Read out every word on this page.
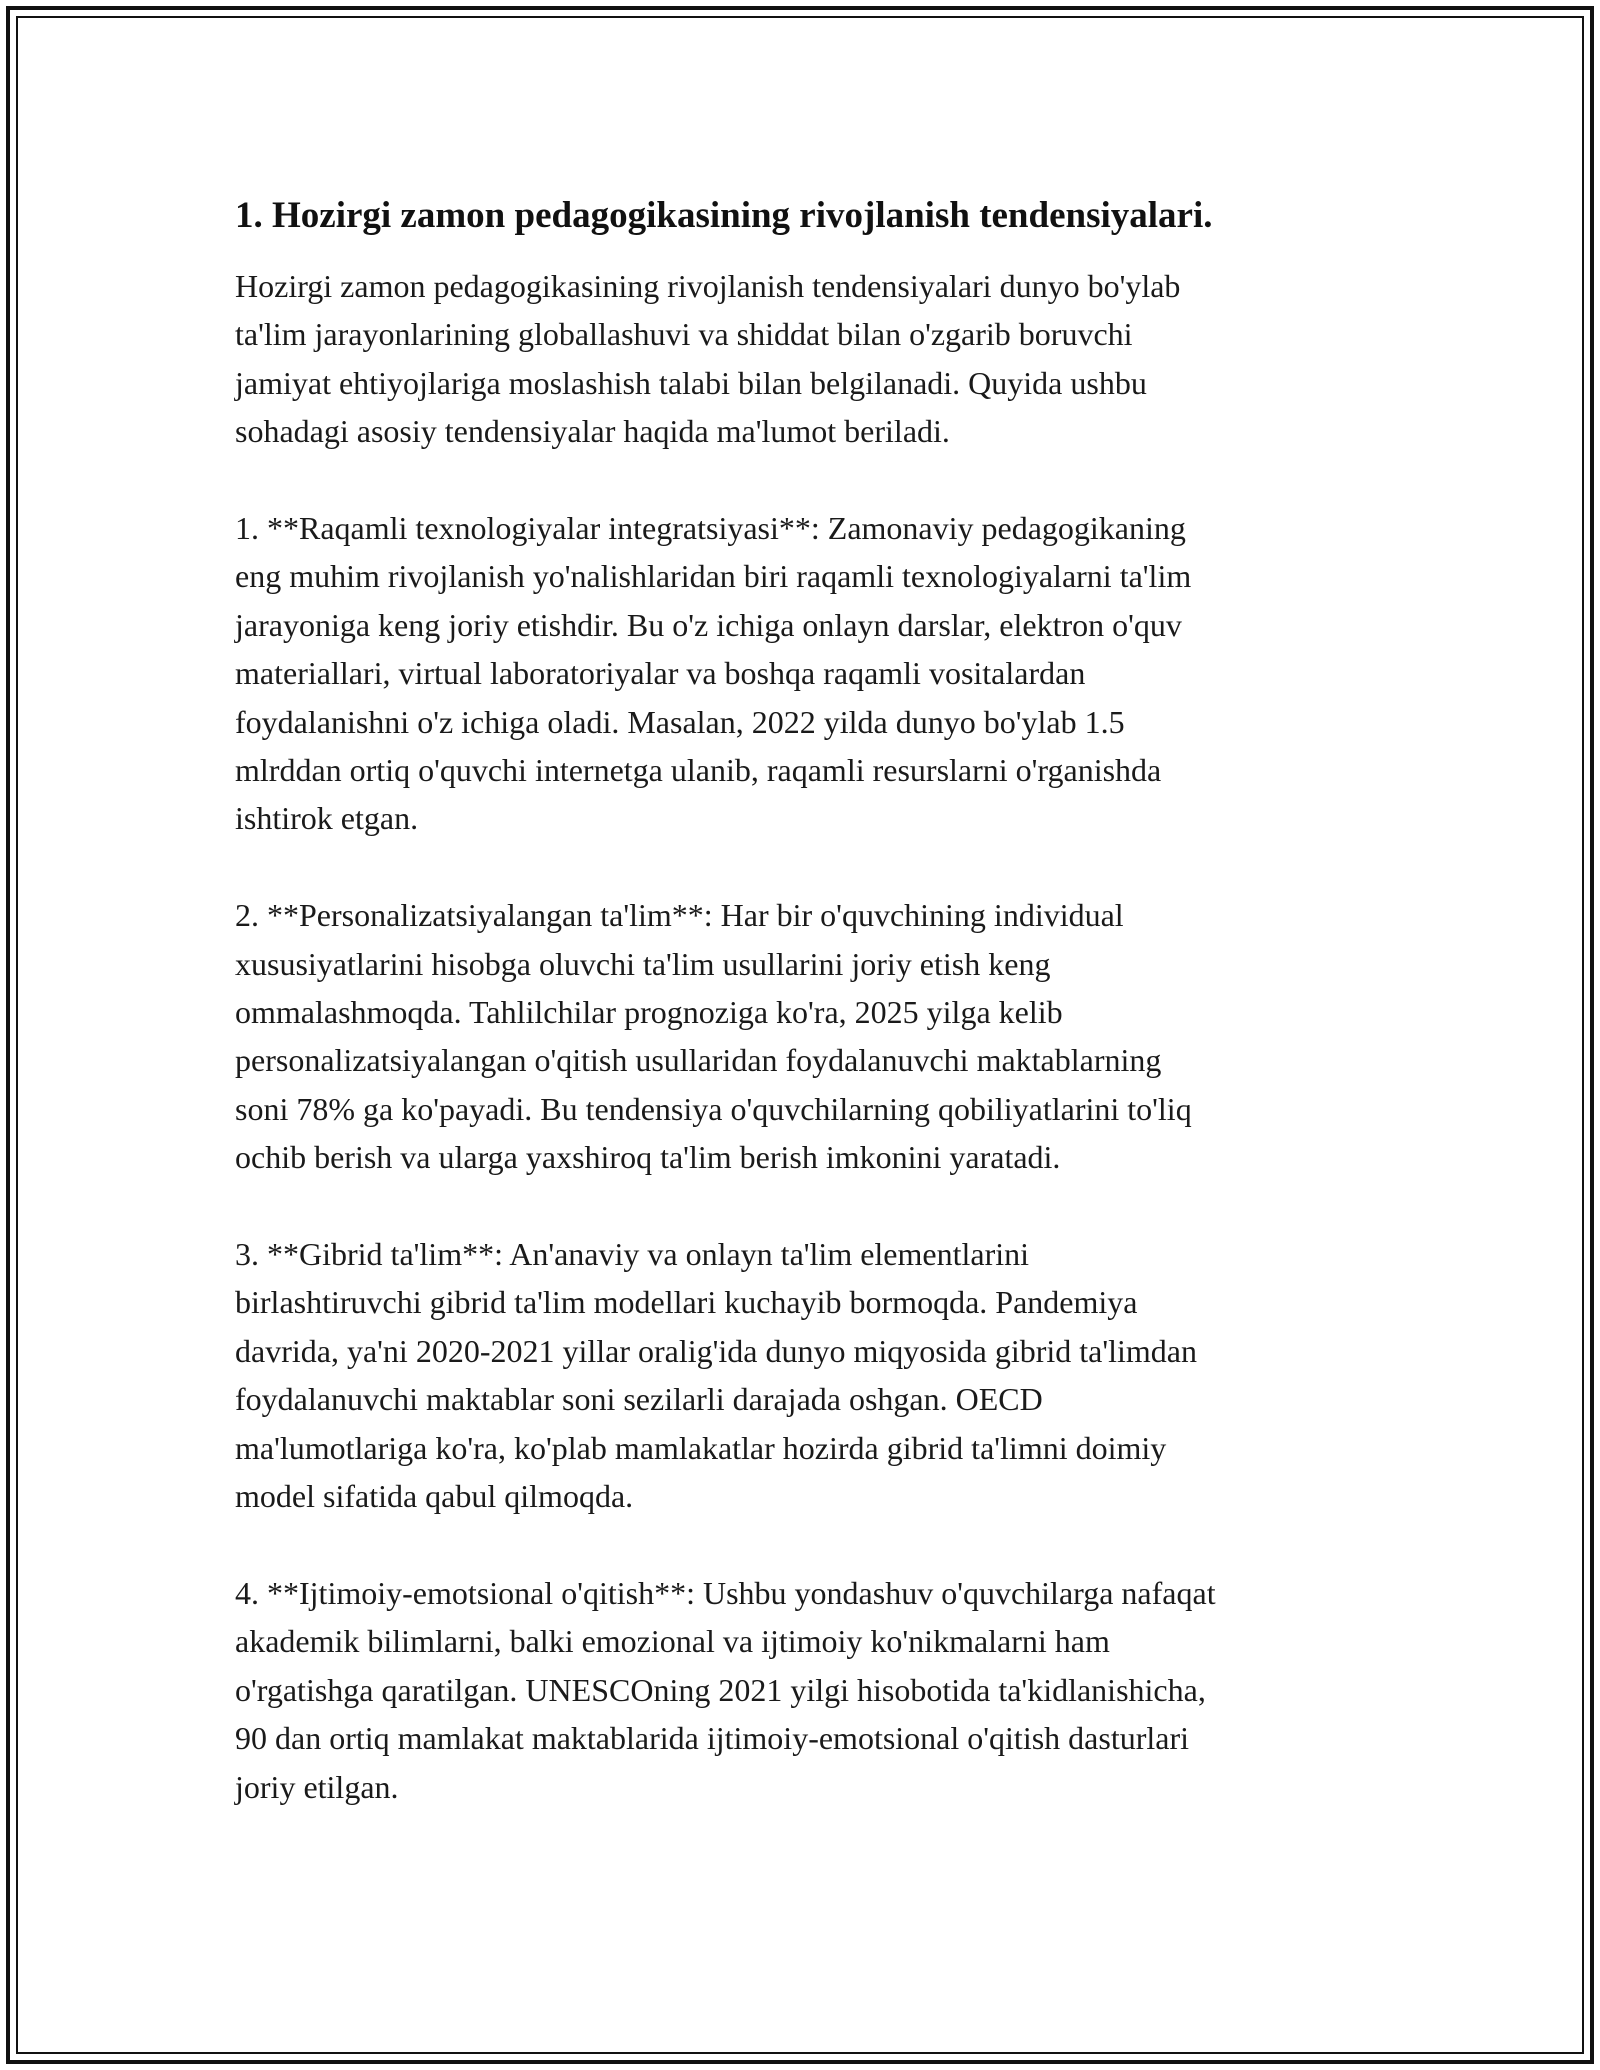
1. Hozirgi zamon pedagogikasining rivojlanish tendensiyalari.

Hozirgi zamon pedagogikasining rivojlanish tendensiyalari dunyo bo'ylab
ta'lim jarayonlarining globallashuvi va shiddat bilan o'zgarib boruvchi
jamiyat ehtiyojlariga moslashish talabi bilan belgilanadi. Quyida ushbu
sohadagi asosiy tendensiyalar haqida ma'lumot beriladi.

1. **Raqamli texnologiyalar integratsiyasi**: Zamonaviy pedagogikaning
eng muhim rivojlanish yo'nalishlaridan biri raqamli texnologiyalarni ta'lim
jarayoniga keng joriy etishdir. Bu o'z ichiga onlayn darslar, elektron o'quv
materiallari, virtual laboratoriyalar va boshqa raqamli vositalardan
foydalanishni o'z ichiga oladi. Masalan, 2022 yilda dunyo bo'ylab 1.5
mlrddan ortiq o'quvchi internetga ulanib, raqamli resurslarni o'rganishda
ishtirok etgan.

2. **Personalizatsiyalangan ta'lim**: Har bir o'quvchining individual
xususiyatlarini hisobga oluvchi ta'lim usullarini joriy etish keng
ommalashmoqda. Tahlilchilar prognoziga ko'ra, 2025 yilga kelib
personalizatsiyalangan o'qitish usullaridan foydalanuvchi maktablarning
soni 78% ga ko'payadi. Bu tendensiya o'quvchilarning qobiliyatlarini to'liq
ochib berish va ularga yaxshiroq ta'lim berish imkonini yaratadi.

3. **Gibrid ta'lim**: An'anaviy va onlayn ta'lim elementlarini
birlashtiruvchi gibrid ta'lim modellari kuchayib bormoqda. Pandemiya
davrida, ya'ni 2020-2021 yillar oralig'ida dunyo miqyosida gibrid ta'limdan
foydalanuvchi maktablar soni sezilarli darajada oshgan. OECD
ma'lumotlariga ko'ra, ko'plab mamlakatlar hozirda gibrid ta'limni doimiy
model sifatida qabul qilmoqda.

4. **Ijtimoiy-emotsional o'qitish**: Ushbu yondashuv o'quvchilarga nafaqat
akademik bilimlarni, balki emozional va ijtimoiy ko'nikmalarni ham
o'rgatishga qaratilgan. UNESCOning 2021 yilgi hisobotida ta'kidlanishicha,
90 dan ortiq mamlakat maktablarida ijtimoiy-emotsional o'qitish dasturlari
joriy etilgan.
